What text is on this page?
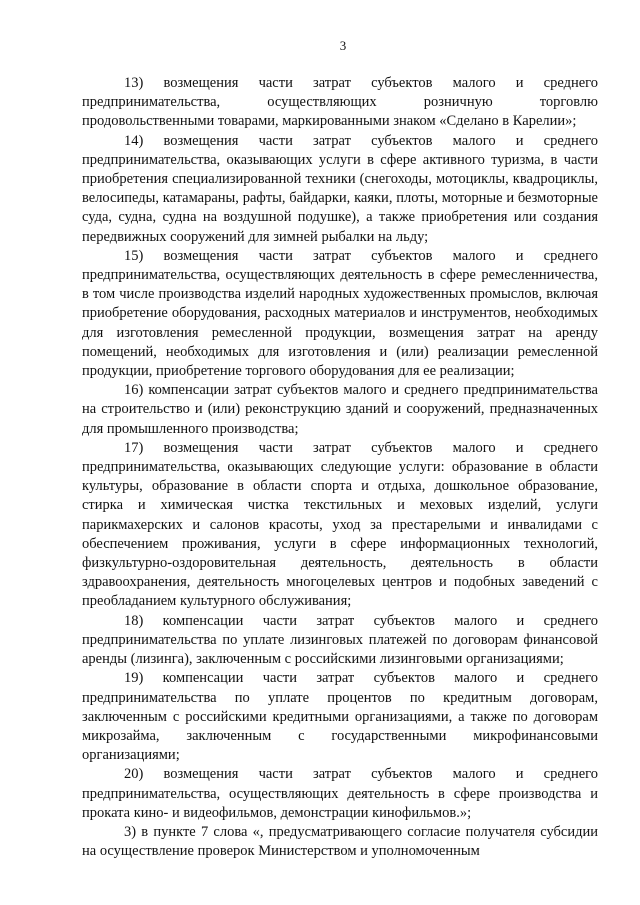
3

13) возмещения части затрат субъектов малого и среднего предпринимательства, осуществляющих розничную торговлю продовольственными товарами, маркированными знаком «Сделано в Карелии»;

14) возмещения части затрат субъектов малого и среднего предпринимательства, оказывающих услуги в сфере активного туризма, в части приобретения специализированной техники (снегоходы, мотоциклы, квадроциклы, велосипеды, катамараны, рафты, байдарки, каяки, плоты, моторные и безмоторные суда, судна, судна на воздушной подушке), а также приобретения или создания передвижных сооружений для зимней рыбалки на льду;

15) возмещения части затрат субъектов малого и среднего предпринимательства, осуществляющих деятельность в сфере ремесленничества, в том числе производства изделий народных художественных промыслов, включая приобретение оборудования, расходных материалов и инструментов, необходимых для изготовления ремесленной продукции, возмещения затрат на аренду помещений, необходимых для изготовления и (или) реализации ремесленной продукции, приобретение торгового оборудования для ее реализации;

16) компенсации затрат субъектов малого и среднего предпринимательства на строительство и (или) реконструкцию зданий и сооружений, предназначенных для промышленного производства;

17) возмещения части затрат субъектов малого и среднего предпринимательства, оказывающих следующие услуги: образование в области культуры, образование в области спорта и отдыха, дошкольное образование, стирка и химическая чистка текстильных и меховых изделий, услуги парикмахерских и салонов красоты, уход за престарелыми и инвалидами с обеспечением проживания, услуги в сфере информационных технологий, физкультурно-оздоровительная деятельность, деятельность в области здравоохранения, деятельность многоцелевых центров и подобных заведений с преобладанием культурного обслуживания;

18) компенсации части затрат субъектов малого и среднего предпринимательства по уплате лизинговых платежей по договорам финансовой аренды (лизинга), заключенным с российскими лизинговыми организациями;

19) компенсации части затрат субъектов малого и среднего предпринимательства по уплате процентов по кредитным договорам, заключенным с российскими кредитными организациями, а также по договорам микрозайма, заключенным с государственными микрофинансовыми организациями;

20) возмещения части затрат субъектов малого и среднего предпринимательства, осуществляющих деятельность в сфере производства и проката кино- и видеофильмов, демонстрации кинофильмов.»;

3) в пункте 7 слова «, предусматривающего согласие получателя субсидии на осуществление проверок Министерством и уполномоченным
